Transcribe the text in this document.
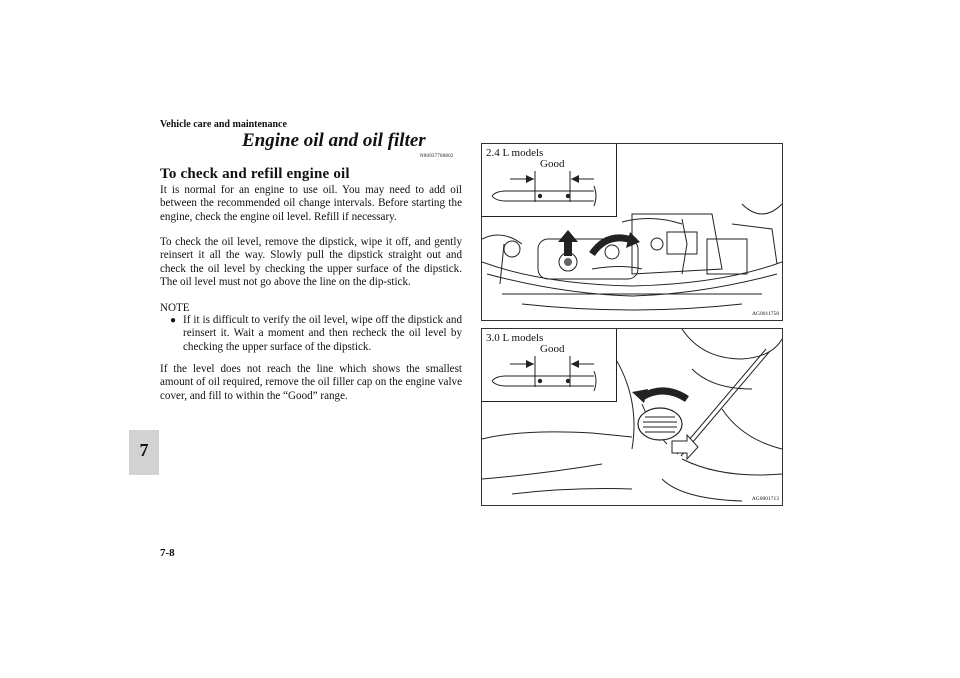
Vehicle care and maintenance
7
Engine oil and oil filter
N00937700802
To check and refill engine oil
It is normal for an engine to use oil. You may need to add oil between the recommended oil change intervals. Before starting the engine, check the engine oil level. Refill if necessary.
To check the oil level, remove the dipstick, wipe it off, and gently reinsert it all the way. Slowly pull the dipstick straight out and check the oil level by checking the upper surface of the dipstick. The oil level must not go above the line on the dip-stick.
NOTE
● If it is difficult to verify the oil level, wipe off the dipstick and reinsert it. Wait a moment and then recheck the oil level by checking the upper surface of the dipstick.
If the level does not reach the line which shows the smallest amount of oil required, remove the oil filler cap on the engine valve cover, and fill to within the “Good” range.
7-8
2.4 L models
Good
AG0011758
3.0 L models
Good
AG0001713
